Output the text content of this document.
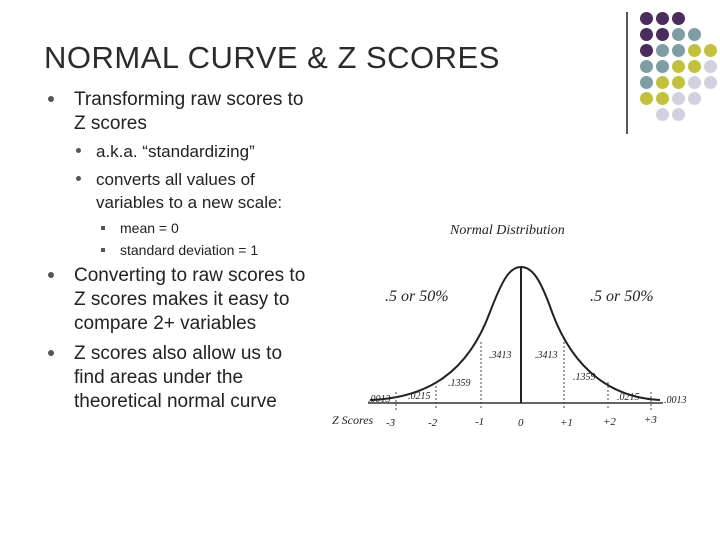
NORMAL CURVE & Z SCORES
Transforming raw scores to
Z scores
a.k.a. “standardizing”
converts all values of
variables to a new scale:
mean = 0
standard deviation = 1
Converting to raw scores to
Z scores makes it easy to
compare 2+ variables
Z scores also allow us to
find areas under the
theoretical normal curve
Normal Distribution
.5 or 50%	.5 or 50%
.0013 .0215
.1359
.3413 .3413
.1359
.0215 .0013
Z Scores -3	-2	-1	0	+1	+2	+3
